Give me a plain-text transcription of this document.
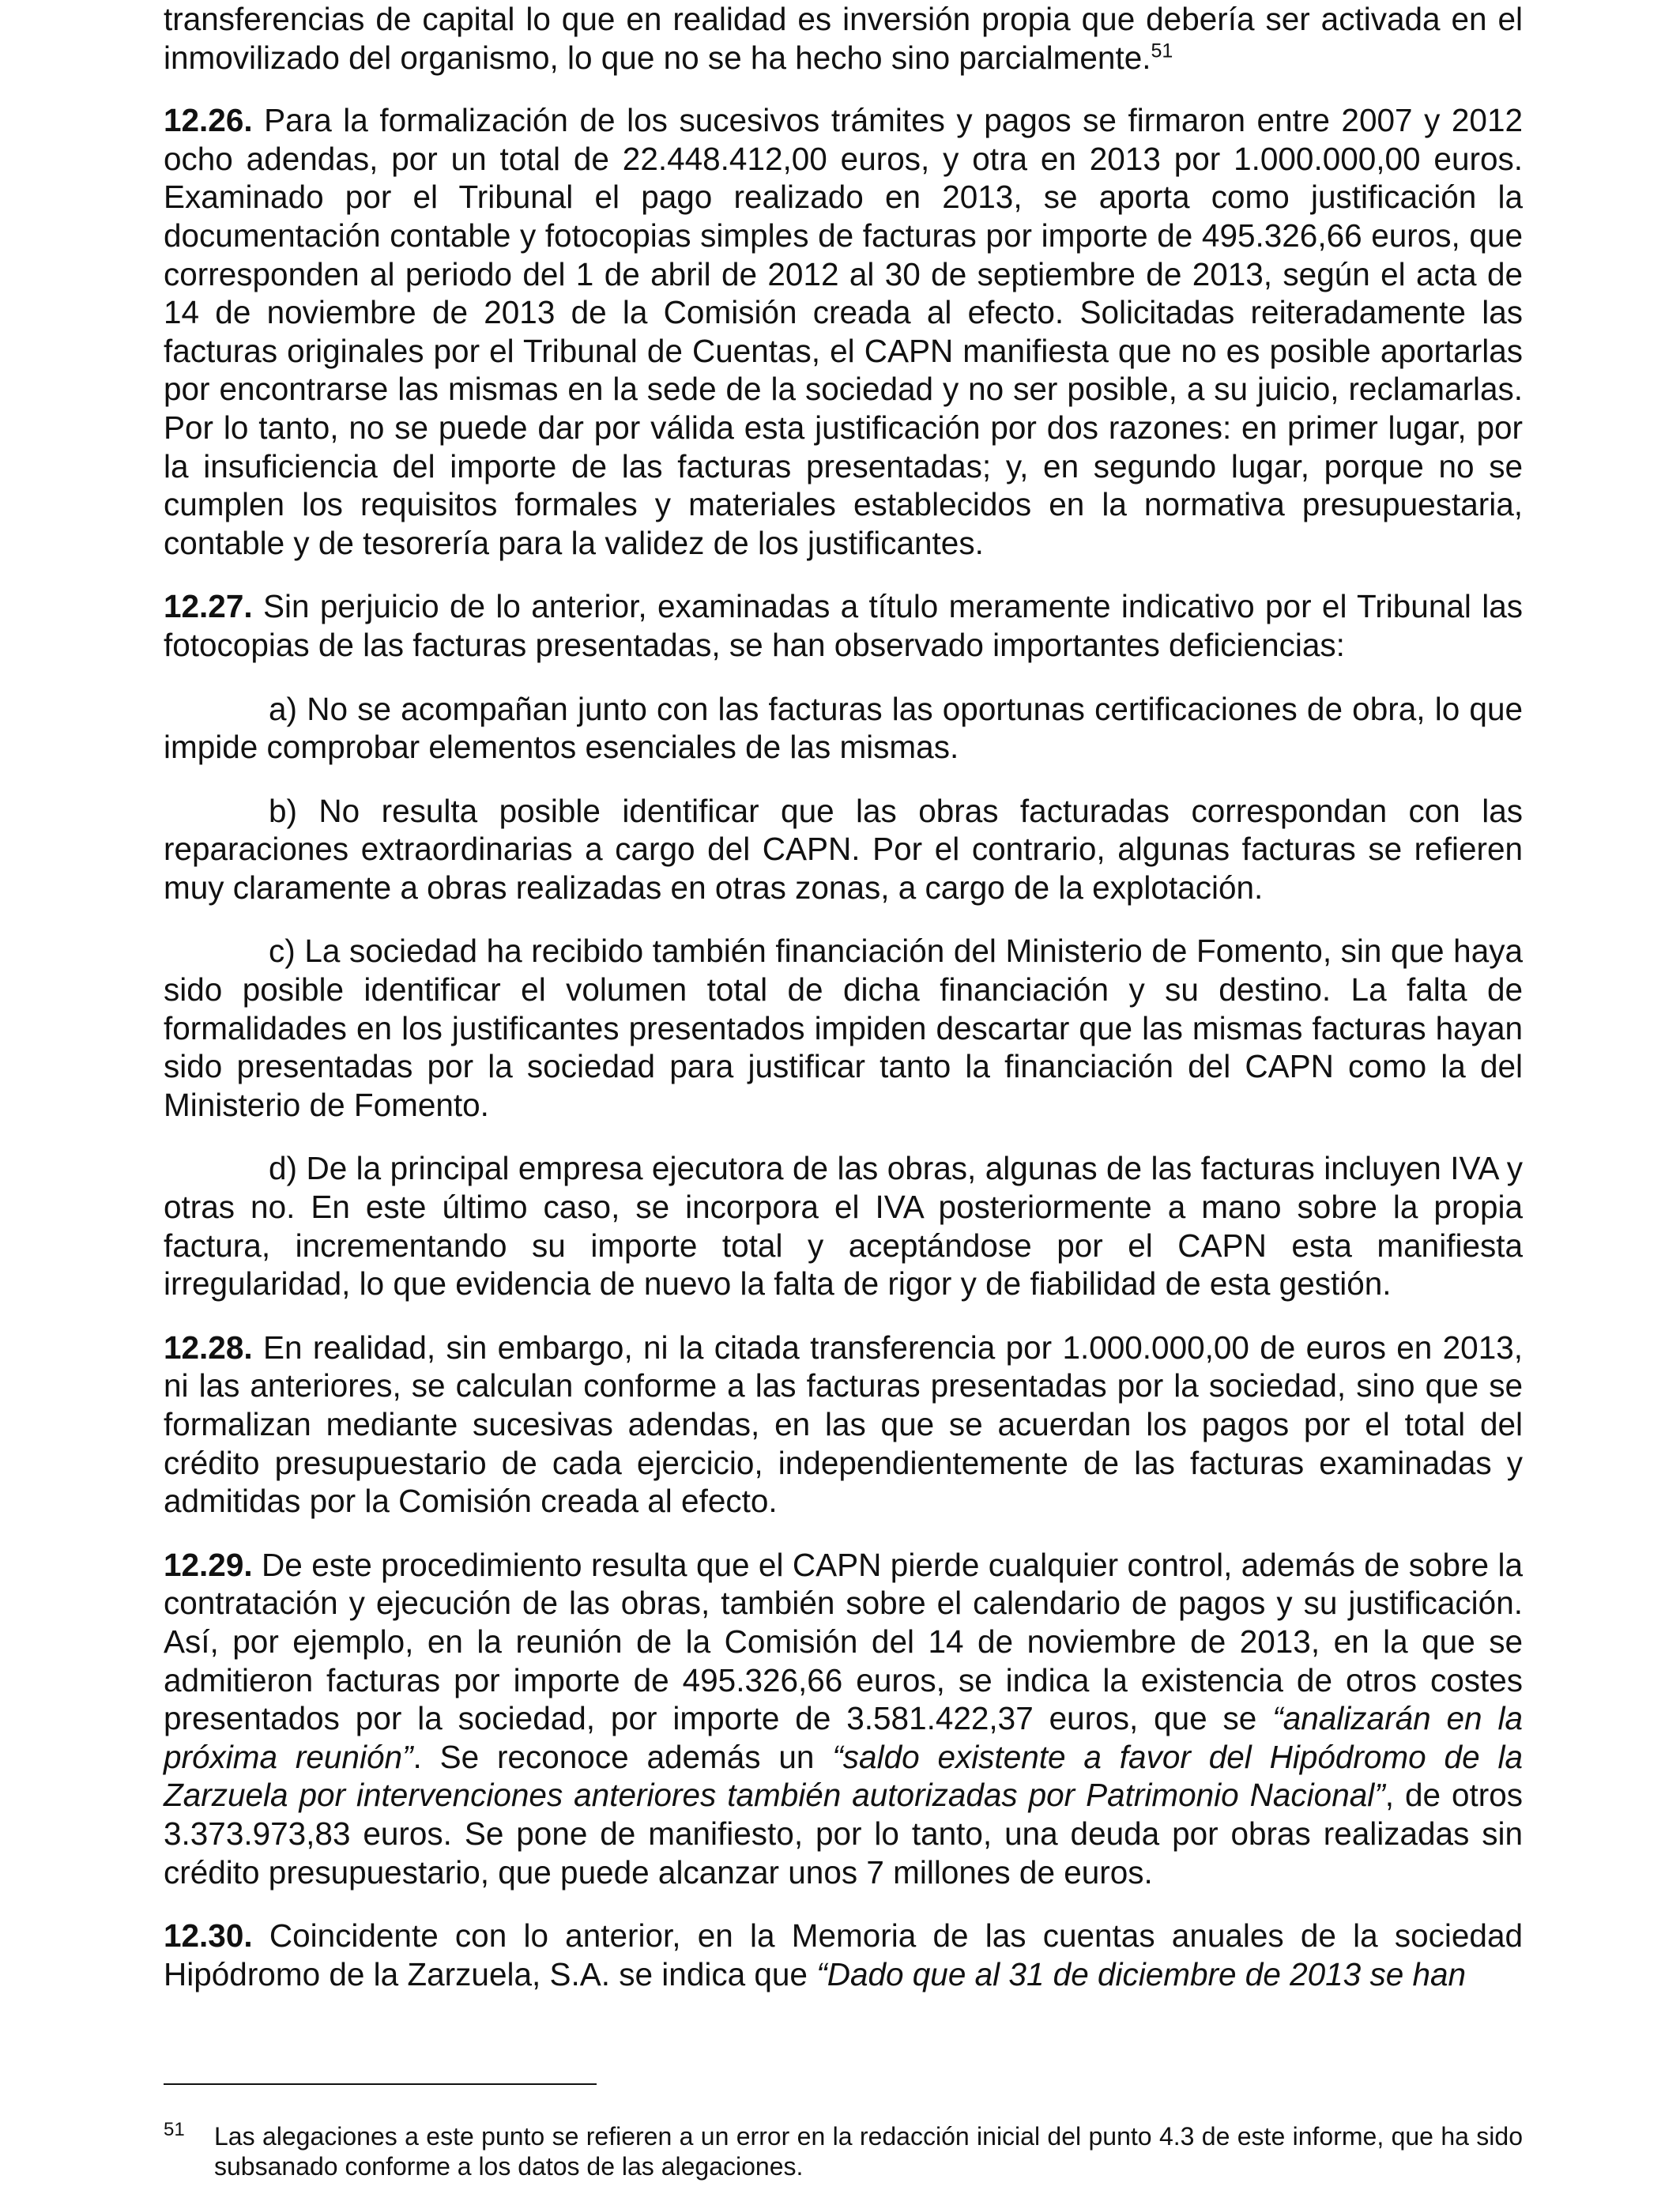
transferencias de capital lo que en realidad es inversión propia que debería ser activada en el inmovilizado del organismo, lo que no se ha hecho sino parcialmente.$^{51}$

12.26. Para la formalización de los sucesivos trámites y pagos se firmaron entre 2007 y 2012 ocho adendas, por un total de 22.448.412,00 euros, y otra en 2013 por 1.000.000,00 euros. Examinado por el Tribunal el pago realizado en 2013, se aporta como justificación la documentación contable y fotocopias simples de facturas por importe de 495.326,66 euros, que corresponden al periodo del 1 de abril de 2012 al 30 de septiembre de 2013, según el acta de 14 de noviembre de 2013 de la Comisión creada al efecto. Solicitadas reiteradamente las facturas originales por el Tribunal de Cuentas, el CAPN manifiesta que no es posible aportarlas por encontrarse las mismas en la sede de la sociedad y no ser posible, a su juicio, reclamarlas. Por lo tanto, no se puede dar por válida esta justificación por dos razones: en primer lugar, por la insuficiencia del importe de las facturas presentadas; y, en segundo lugar, porque no se cumplen los requisitos formales y materiales establecidos en la normativa presupuestaria, contable y de tesorería para la validez de los justificantes.

12.27. Sin perjuicio de lo anterior, examinadas a título meramente indicativo por el Tribunal las fotocopias de las facturas presentadas, se han observado importantes deficiencias:

a) No se acompañan junto con las facturas las oportunas certificaciones de obra, lo que impide comprobar elementos esenciales de las mismas.

b) No resulta posible identificar que las obras facturadas correspondan con las reparaciones extraordinarias a cargo del CAPN. Por el contrario, algunas facturas se refieren muy claramente a obras realizadas en otras zonas, a cargo de la explotación.

c) La sociedad ha recibido también financiación del Ministerio de Fomento, sin que haya sido posible identificar el volumen total de dicha financiación y su destino. La falta de formalidades en los justificantes presentados impiden descartar que las mismas facturas hayan sido presentadas por la sociedad para justificar tanto la financiación del CAPN como la del Ministerio de Fomento.

d) De la principal empresa ejecutora de las obras, algunas de las facturas incluyen IVA y otras no. En este último caso, se incorpora el IVA posteriormente a mano sobre la propia factura, incrementando su importe total y aceptándose por el CAPN esta manifiesta irregularidad, lo que evidencia de nuevo la falta de rigor y de fiabilidad de esta gestión.

12.28. En realidad, sin embargo, ni la citada transferencia por 1.000.000,00 de euros en 2013, ni las anteriores, se calculan conforme a las facturas presentadas por la sociedad, sino que se formalizan mediante sucesivas adendas, en las que se acuerdan los pagos por el total del crédito presupuestario de cada ejercicio, independientemente de las facturas examinadas y admitidas por la Comisión creada al efecto.

12.29. De este procedimiento resulta que el CAPN pierde cualquier control, además de sobre la contratación y ejecución de las obras, también sobre el calendario de pagos y su justificación. Así, por ejemplo, en la reunión de la Comisión del 14 de noviembre de 2013, en la que se admitieron facturas por importe de 495.326,66 euros, se indica la existencia de otros costes presentados por la sociedad, por importe de 3.581.422,37 euros, que se “analizarán en la próxima reunión”. Se reconoce además un “saldo existente a favor del Hipódromo de la Zarzuela por intervenciones anteriores también autorizadas por Patrimonio Nacional”, de otros 3.373.973,83 euros. Se pone de manifiesto, por lo tanto, una deuda por obras realizadas sin crédito presupuestario, que puede alcanzar unos 7 millones de euros.

12.30. Coincidente con lo anterior, en la Memoria de las cuentas anuales de la sociedad Hipódromo de la Zarzuela, S.A. se indica que “Dado que al 31 de diciembre de 2013 se han

51 Las alegaciones a este punto se refieren a un error en la redacción inicial del punto 4.3 de este informe, que ha sido subsanado conforme a los datos de las alegaciones.
